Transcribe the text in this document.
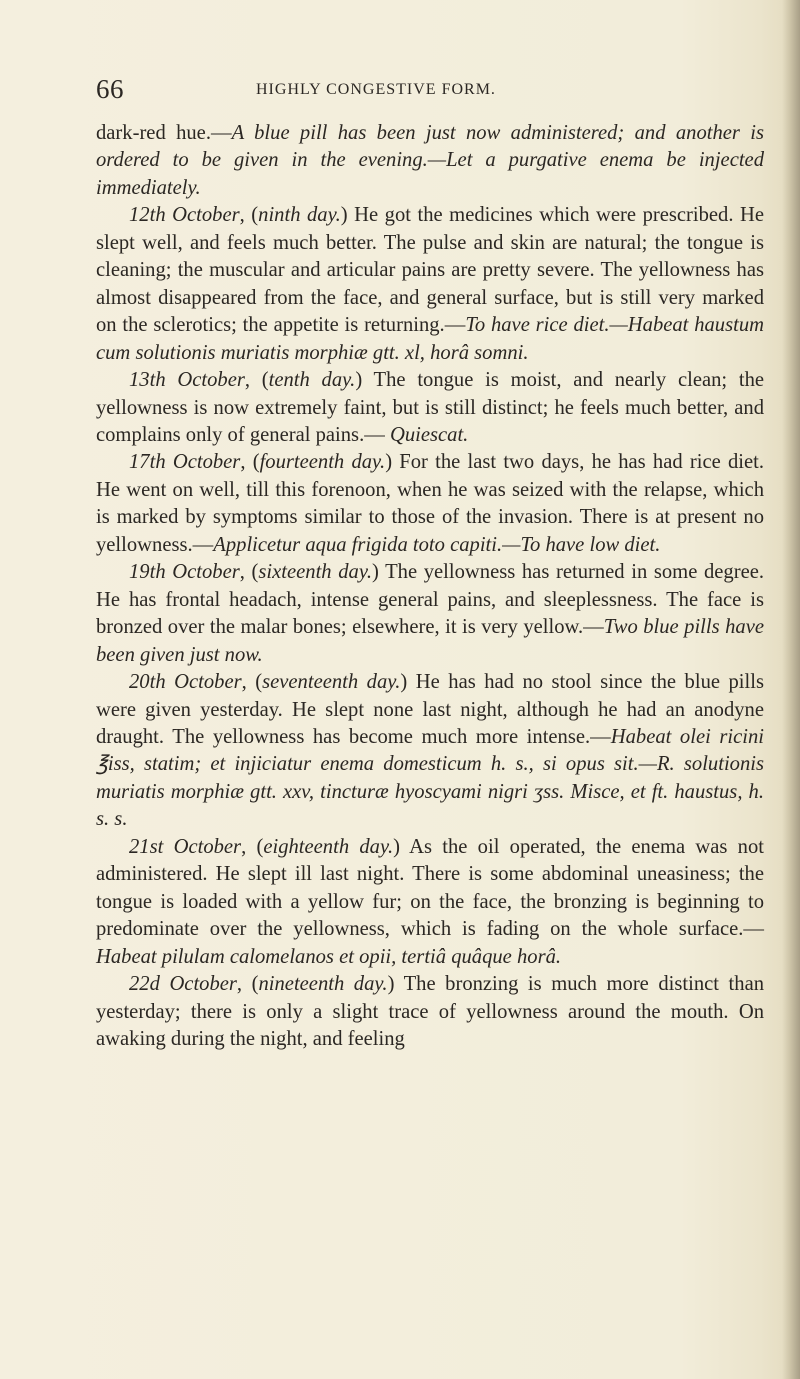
66	HIGHLY CONGESTIVE FORM.

dark-red hue.—A blue pill has been just now administered; and another is ordered to be given in the evening.—Let a purgative enema be injected immediately.

12th October, (ninth day.) He got the medicines which were prescribed. He slept well, and feels much better. The pulse and skin are natural; the tongue is cleaning; the muscular and articular pains are pretty severe. The yellowness has almost disappeared from the face, and general surface, but is still very marked on the sclerotics; the appetite is returning.—To have rice diet.—Habeat haustum cum solutionis muriatis morphiæ gtt. xl, horâ somni.

13th October, (tenth day.) The tongue is moist, and nearly clean; the yellowness is now extremely faint, but is still distinct; he feels much better, and complains only of general pains.— Quiescat.

17th October, (fourteenth day.) For the last two days, he has had rice diet. He went on well, till this forenoon, when he was seized with the relapse, which is marked by symptoms similar to those of the invasion. There is at present no yellowness.—Applicetur aqua frigida toto capiti.—To have low diet.

19th October, (sixteenth day.) The yellowness has returned in some degree. He has frontal headach, intense general pains, and sleeplessness. The face is bronzed over the malar bones; elsewhere, it is very yellow.—Two blue pills have been given just now.

20th October, (seventeenth day.) He has had no stool since the blue pills were given yesterday. He slept none last night, although he had an anodyne draught. The yellowness has become much more intense.—Habeat olei ricini ℥iss, statim; et injiciatur enema domesticum h. s., si opus sit.—R. solutionis muriatis morphiæ gtt. xxv, tincturæ hyoscyami nigri ʒss. Misce, et ft. haustus, h. s. s.

21st October, (eighteenth day.) As the oil operated, the enema was not administered. He slept ill last night. There is some abdominal uneasiness; the tongue is loaded with a yellow fur; on the face, the bronzing is beginning to predominate over the yellowness, which is fading on the whole surface.—Habeat pilulam calomelanos et opii, tertiâ quâque horâ.

22d October, (nineteenth day.) The bronzing is much more distinct than yesterday; there is only a slight trace of yellowness around the mouth. On awaking during the night, and feeling
